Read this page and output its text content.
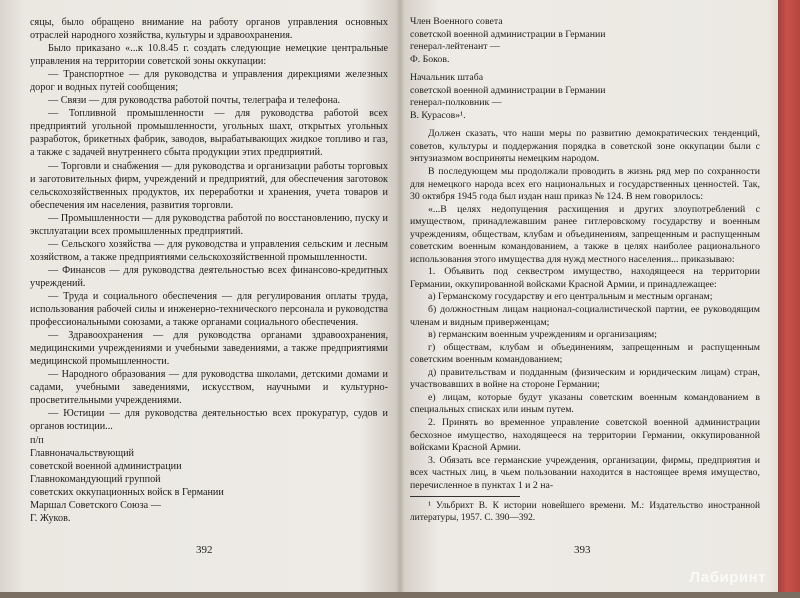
сяцы, было обращено внимание на работу органов управления основных отраслей народного хозяйства, культуры и здравоохранения.

Было приказано «...к 10.8.45 г. создать следующие немецкие центральные управления на территории советской зоны оккупации:

— Транспортное — для руководства и управления дирекциями железных дорог и водных путей сообщения;

— Связи — для руководства работой почты, телеграфа и телефона.

— Топливной промышленности — для руководства работой всех предприятий угольной промышленности, угольных шахт, открытых угольных разработок, брикетных фабрик, заводов, вырабатывающих жидкое топливо и газ, а также с задачей внутреннего сбыта продукции этих предприятий.

— Торговли и снабжения — для руководства и организации работы торговых и заготовительных фирм, учреждений и предприятий, для обеспечения заготовок сельскохозяйственных продуктов, их переработки и хранения, учета товаров и обеспечения им населения, развития торговли.

— Промышленности — для руководства работой по восстановлению, пуску и эксплуатации всех промышленных предприятий.

— Сельского хозяйства — для руководства и управления сельским и лесным хозяйством, а также предприятиями сельскохозяйственной промышленности.

— Финансов — для руководства деятельностью всех финансово-кредитных учреждений.

— Труда и социального обеспечения — для регулирования оплаты труда, использования рабочей силы и инженерно-технического персонала и руководства профессиональными союзами, а также органами социального обеспечения.

— Здравоохранения — для руководства органами здравоохранения, медицинскими учреждениями и учебными заведениями, а также предприятиями медицинской промышленности.

— Народного образования — для руководства школами, детскими домами и садами, учебными заведениями, искусством, научными и культурно-просветительными учреждениями.

— Юстиции — для руководства деятельностью всех прокуратур, судов и органов юстиции...

п/п

Главноначальствующий

советской военной администрации

Главнокомандующий группой

советских оккупационных войск в Германии

Маршал Советского Союза —

Г. Жуков.

392

Член Военного совета

советской военной администрации в Германии

генерал-лейтенант —

Ф. Боков.

Начальник штаба

советской военной администрации в Германии

генерал-полковник —

В. Курасов»¹.

Должен сказать, что наши меры по развитию демократических тенденций, советов, культуры и поддержания порядка в советской зоне оккупации были с энтузиазмом восприняты немецким народом.

В последующем мы продолжали проводить в жизнь ряд мер по сохранности для немецкого народа всех его национальных и государственных ценностей. Так, 30 октября 1945 года был издан наш приказ № 124. В нем говорилось:

«...В целях недопущения расхищения и других злоупотреблений с имуществом, принадлежавшим ранее гитлеровскому государству и военным учреждениям, обществам, клубам и объединениям, запрещенным и распущенным советским военным командованием, а также в целях наиболее рационального использования этого имущества для нужд местного населения... приказываю:

1. Объявить под секвестром имущество, находящееся на территории Германии, оккупированной войсками Красной Армии, и принадлежащее:

а) Германскому государству и его центральным и местным органам;

б) должностным лицам национал-социалистической партии, ее руководящим членам и видным приверженцам;

в) германским военным учреждениям и организациям;

г) обществам, клубам и объединениям, запрещенным и распущенным советским военным командованием;

д) правительствам и подданным (физическим и юридическим лицам) стран, участвовавших в войне на стороне Германии;

е) лицам, которые будут указаны советским военным командованием в специальных списках или иным путем.

2. Принять во временное управление советской военной администрации бесхозное имущество, находящееся на территории Германии, оккупированной войсками Красной Армии.

3. Обязать все германские учреждения, организации, фирмы, предприятия и всех частных лиц, в чьем пользовании находится в настоящее время имущество, перечисленное в пунктах 1 и 2 на-

¹ Ульбрихт В. К истории новейшего времени. М.: Издательство иностранной литературы, 1957. С. 390—392.

393
Лабиринт
